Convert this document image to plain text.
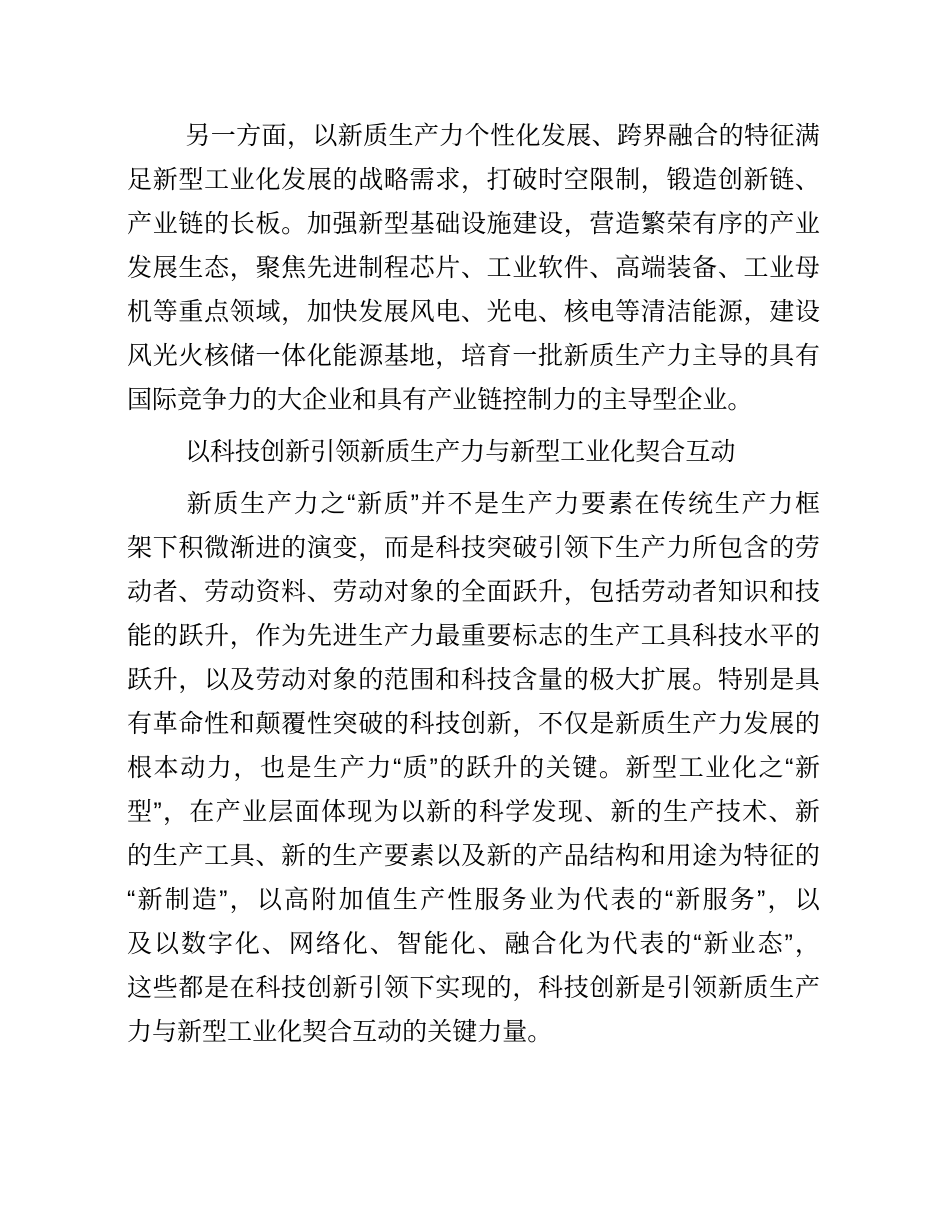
另 一 方 面 ， 以 新 质 生 产 力 个 性 化 发 展 、 跨 界 融 合 的 特 征 满
足 新 型 工 业 化 发 展 的 战 略 需 求 ， 打 破 时 空 限 制 ， 锻 造 创 新 链 、
产 业 链 的 长 板 。 加 强 新 型 基 础 设 施 建 设 ， 营 造 繁 荣 有 序 的 产 业
发 展 生 态 ， 聚 焦 先 进 制 程 芯 片 、 工 业 软 件 、 高 端 装 备 、 工 业 母
机 等 重 点 领 域 ， 加 快 发 展 风 电 、 光 电 、 核 电 等 清 洁 能 源 ， 建 设
风 光 火 核 储 一 体 化 能 源 基 地 ， 培 育 一 批 新 质 生 产 力 主 导 的 具 有
国 际 竞 争 力 的 大 企 业 和 具 有 产 业 链 控 制 力 的 主 导 型 企 业 。
以 科 技 创 新 引 领 新 质 生 产 力 与 新 型 工 业 化 契 合 互 动
新 质 生 产 力 之 “ 新 质 ” 并 不 是 生 产 力 要 素 在 传 统 生 产 力 框
架 下 积 微 渐 进 的 演 变 ， 而 是 科 技 突 破 引 领 下 生 产 力 所 包 含 的 劳
动 者 、 劳 动 资 料 、 劳 动 对 象 的 全 面 跃 升 ， 包 括 劳 动 者 知 识 和 技
能 的 跃 升 ， 作 为 先 进 生 产 力 最 重 要 标 志 的 生 产 工 具 科 技 水 平 的
跃 升 ， 以 及 劳 动 对 象 的 范 围 和 科 技 含 量 的 极 大 扩 展 。 特 别 是 具
有 革 命 性 和 颠 覆 性 突 破 的 科 技 创 新 ， 不 仅 是 新 质 生 产 力 发 展 的
根 本 动 力 ， 也 是 生 产 力 “ 质 ” 的 跃 升 的 关 键 。 新 型 工 业 化 之 “ 新
型 ” ， 在 产 业 层 面 体 现 为 以 新 的 科 学 发 现 、 新 的 生 产 技 术 、 新
的 生 产 工 具 、 新 的 生 产 要 素 以 及 新 的 产 品 结 构 和 用 途 为 特 征 的
“ 新 制 造 ” ， 以 高 附 加 值 生 产 性 服 务 业 为 代 表 的 “ 新 服 务 ” ， 以
及 以 数 字 化 、 网 络 化 、 智 能 化 、 融 合 化 为 代 表 的 “ 新 业 态 ” ，
这 些 都 是 在 科 技 创 新 引 领 下 实 现 的 ， 科 技 创 新 是 引 领 新 质 生 产
力 与 新 型 工 业 化 契 合 互 动 的 关 键 力 量 。
